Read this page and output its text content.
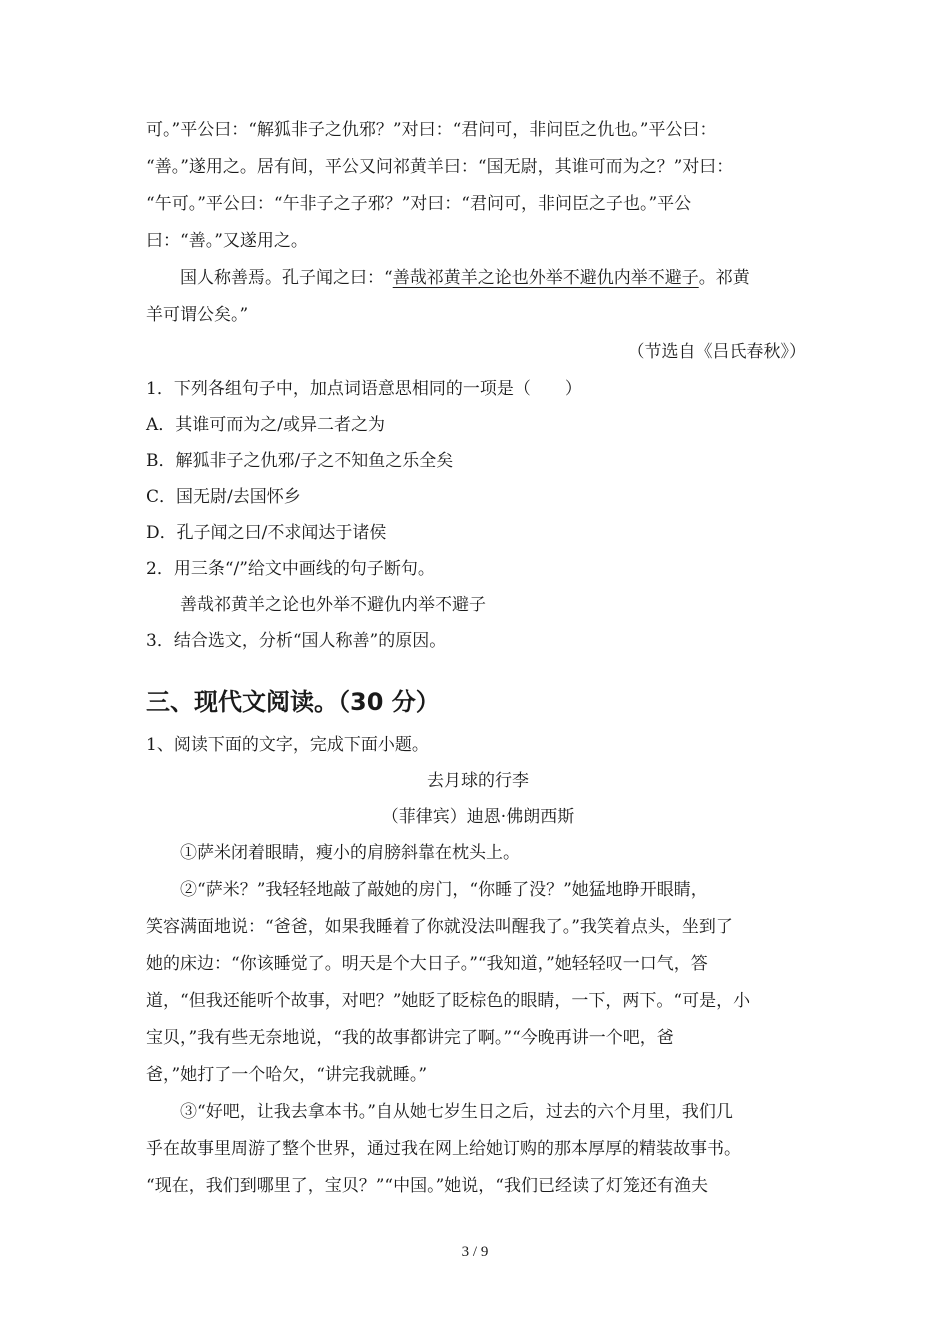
可。”平公曰：“解狐非子之仇邪？”对曰：“君问可，非问臣之仇也。”平公曰：
“善。”遂用之。居有间，平公又问祁黄羊曰：“国无尉，其谁可而为之？”对曰：
“午可。”平公曰：“午非子之子邪？”对曰：“君问可，非问臣之子也。”平公
曰：“善。”又遂用之。
国人称善焉。孔子闻之曰：“善哉祁黄羊之论也外举不避仇内举不避子。祁黄
羊可谓公矣。”
（节选自《吕氏春秋》）
1．下列各组句子中，加点词语意思相同的一项是（　　）
A．其谁可而为之/或异二者之为
B．解狐非子之仇邪/子之不知鱼之乐全矣
C．国无尉/去国怀乡
D．孔子闻之曰/不求闻达于诸侯
2．用三条“/”给文中画线的句子断句。
善哉祁黄羊之论也外举不避仇内举不避子
3．结合选文，分析“国人称善”的原因。
三、现代文阅读。（30 分）
1、阅读下面的文字，完成下面小题。
去月球的行李
（菲律宾）迪恩·佛朗西斯
①萨米闭着眼睛，瘦小的肩膀斜靠在枕头上。
②“萨米？”我轻轻地敲了敲她的房门，“你睡了没？”她猛地睁开眼睛，
笑容满面地说：“爸爸，如果我睡着了你就没法叫醒我了。”我笑着点头，坐到了
她的床边：“你该睡觉了。明天是个大日子。”“我知道，”她轻轻叹一口气，答
道，“但我还能听个故事，对吧？”她眨了眨棕色的眼睛，一下，两下。“可是，小
宝贝，”我有些无奈地说，“我的故事都讲完了啊。”“今晚再讲一个吧，爸
爸，”她打了一个哈欠，“讲完我就睡。”
③“好吧，让我去拿本书。”自从她七岁生日之后，过去的六个月里，我们几
乎在故事里周游了整个世界，通过我在网上给她订购的那本厚厚的精装故事书。
“现在，我们到哪里了，宝贝？”“中国。”她说，“我们已经读了灯笼还有渔夫
3 / 9
